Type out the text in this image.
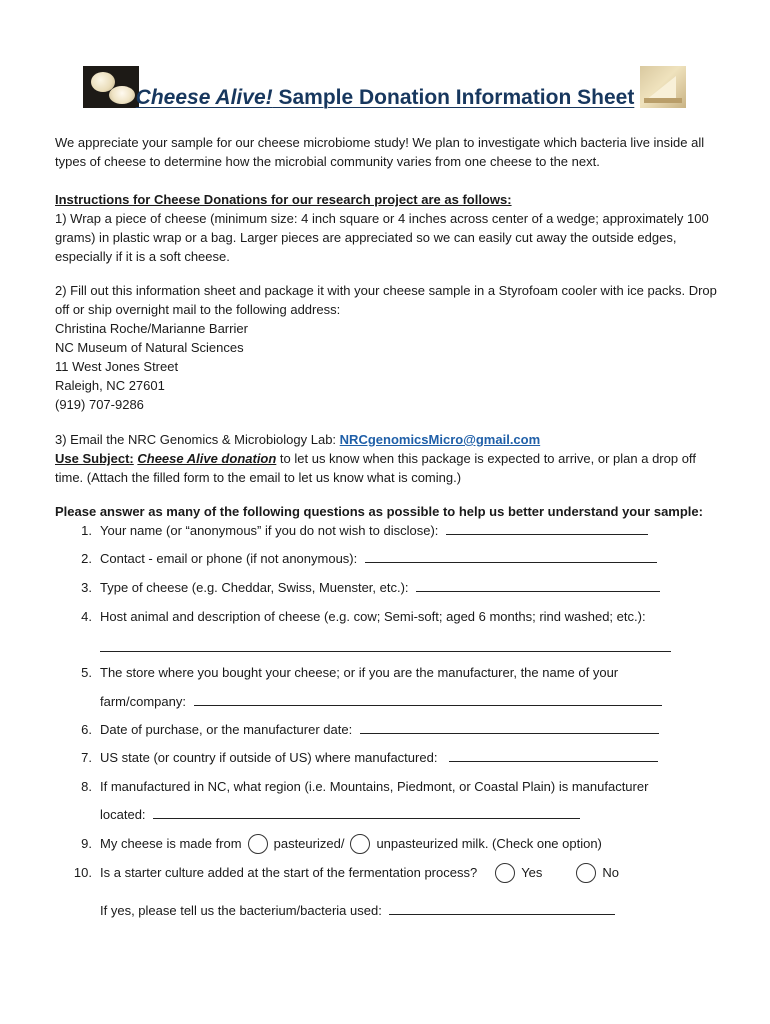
Cheese Alive! Sample Donation Information Sheet
We appreciate your sample for our cheese microbiome study! We plan to investigate which bacteria live inside all types of cheese to determine how the microbial community varies from one cheese to the next.
Instructions for Cheese Donations for our research project are as follows:
1) Wrap a piece of cheese (minimum size: 4 inch square or 4 inches across center of a wedge; approximately 100 grams) in plastic wrap or a bag. Larger pieces are appreciated so we can easily cut away the outside edges, especially if it is a soft cheese.
2) Fill out this information sheet and package it with your cheese sample in a Styrofoam cooler with ice packs. Drop off or ship overnight mail to the following address:
Christina Roche/Marianne Barrier
NC Museum of Natural Sciences
11 West Jones Street
Raleigh, NC 27601
(919) 707-9286
3) Email the NRC Genomics & Microbiology Lab: NRCgenomicsMicro@gmail.com
Use Subject: Cheese Alive donation to let us know when this package is expected to arrive, or plan a drop off time. (Attach the filled form to the email to let us know what is coming.)
Please answer as many of the following questions as possible to help us better understand your sample:
1. Your name (or “anonymous” if you do not wish to disclose):
2. Contact - email or phone (if not anonymous):
3. Type of cheese (e.g. Cheddar, Swiss, Muenster, etc.):
4. Host animal and description of cheese (e.g. cow; Semi-soft; aged 6 months; rind washed; etc.):
5. The store where you bought your cheese; or if you are the manufacturer, the name of your
farm/company:
6. Date of purchase, or the manufacturer date:
7. US state (or country if outside of US) where manufactured:
8. If manufactured in NC, what region (i.e. Mountains, Piedmont, or Coastal Plain) is manufacturer
located:
9. My cheese is made from pasteurized/ unpasteurized milk. (Check one option)
10. Is a starter culture added at the start of the fermentation process?	Yes	No
If yes, please tell us the bacterium/bacteria used:
